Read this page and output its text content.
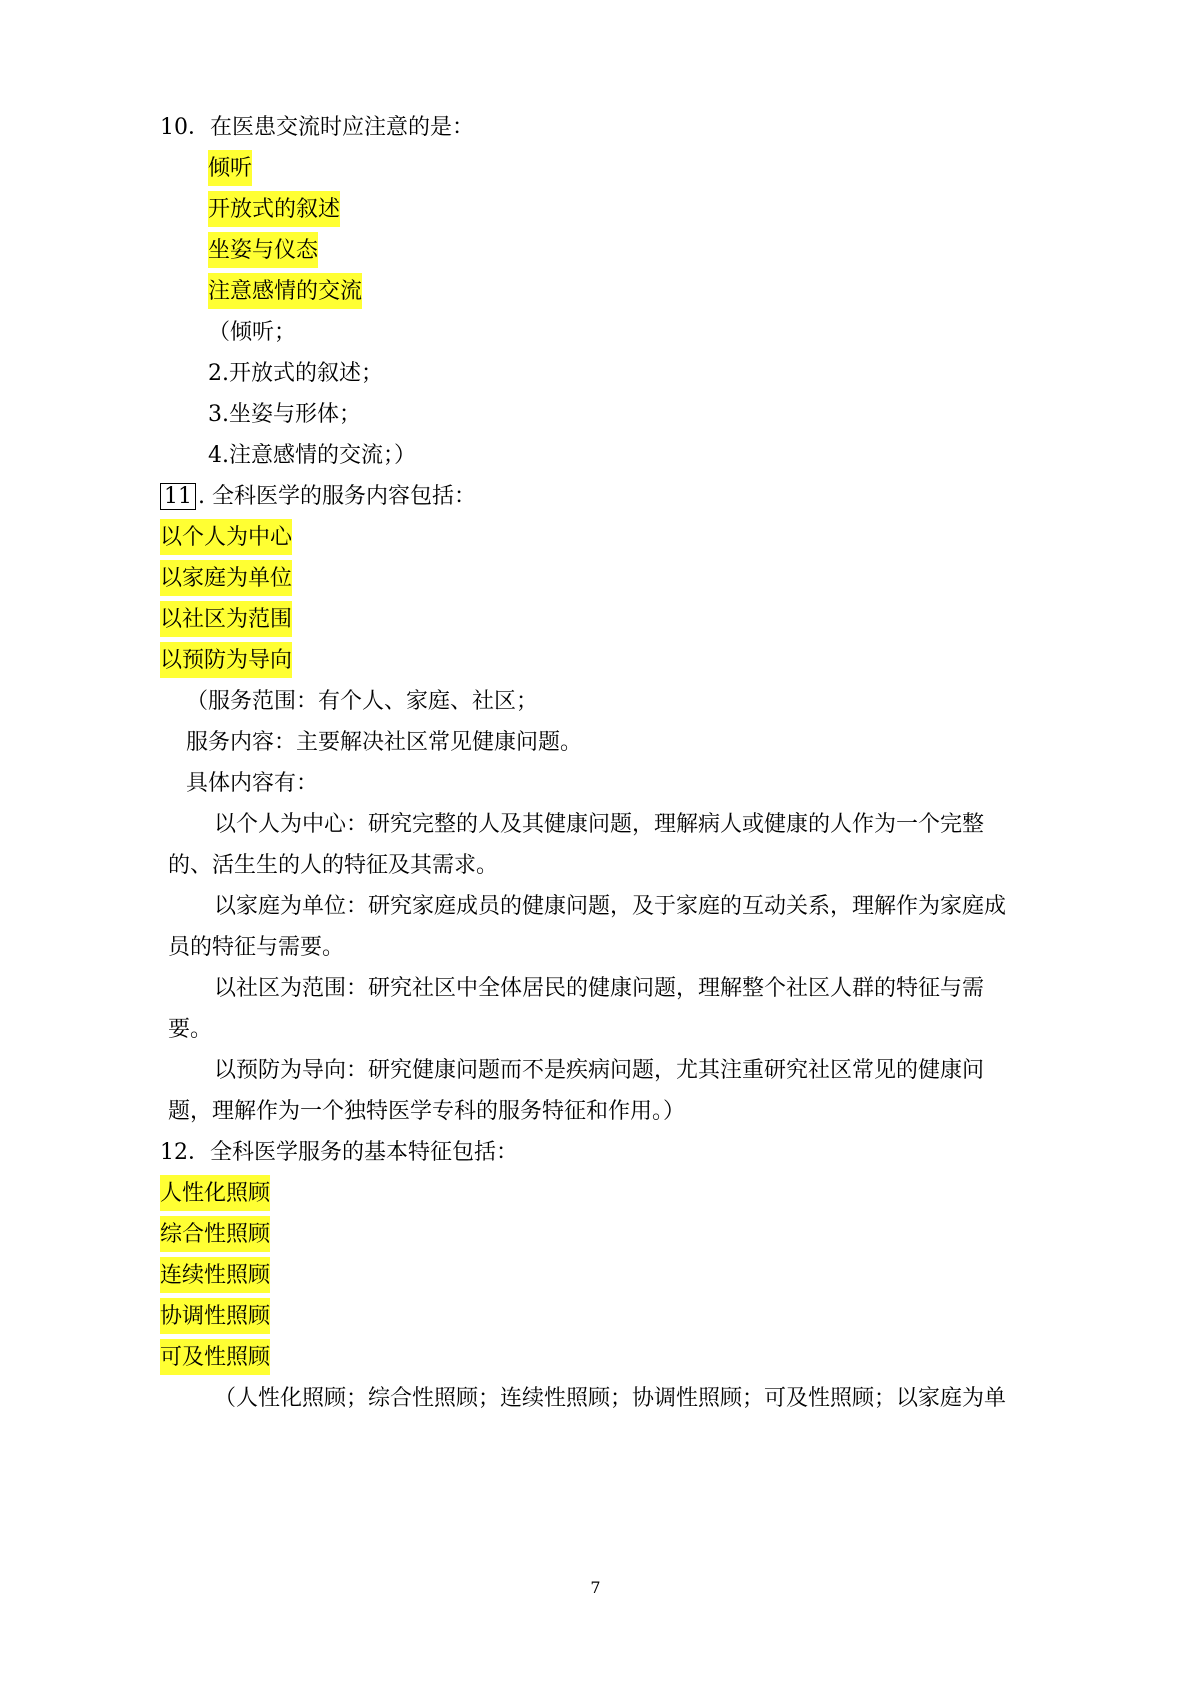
10．在医患交流时应注意的是：
倾听
开放式的叙述
坐姿与仪态
注意感情的交流
（倾听；
2.开放式的叙述；
3.坐姿与形体；
4.注意感情的交流；）
11 . 全科医学的服务内容包括：
以个人为中心
以家庭为单位
以社区为范围
以预防为导向
（服务范围：有个人、家庭、社区；
服务内容：主要解决社区常见健康问题。
具体内容有：
以个人为中心：研究完整的人及其健康问题，理解病人或健康的人作为一个完整
的、活生生的人的特征及其需求。
以家庭为单位：研究家庭成员的健康问题，及于家庭的互动关系，理解作为家庭成
员的特征与需要。
以社区为范围：研究社区中全体居民的健康问题，理解整个社区人群的特征与需
要。
以预防为导向：研究健康问题而不是疾病问题，尤其注重研究社区常见的健康问
题，理解作为一个独特医学专科的服务特征和作用。）
12．全科医学服务的基本特征包括：
人性化照顾
综合性照顾
连续性照顾
协调性照顾
可及性照顾
（人性化照顾；综合性照顾；连续性照顾；协调性照顾；可及性照顾；以家庭为单
7
